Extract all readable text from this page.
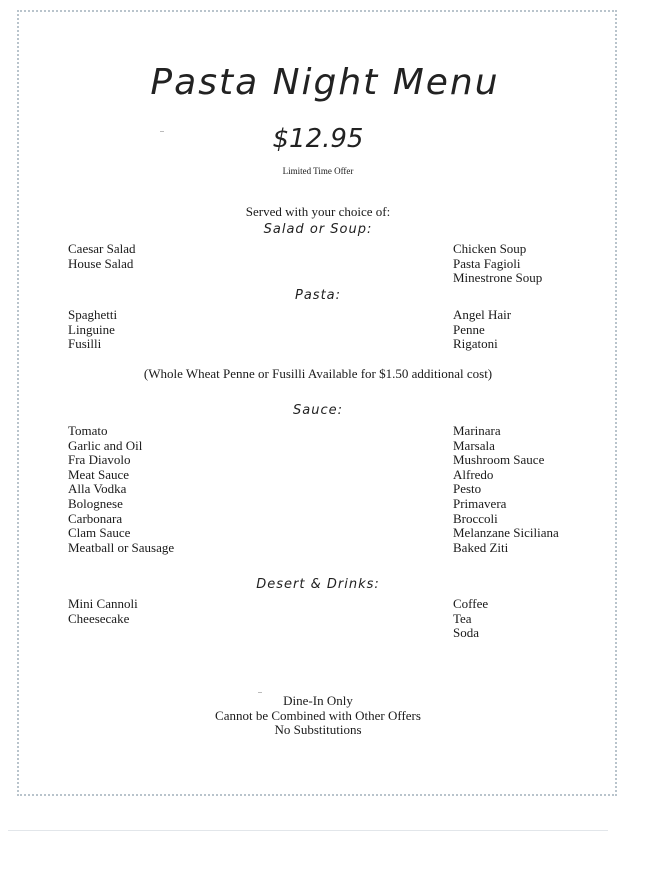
Pasta Night Menu
$12.95
Limited Time Offer
Served with your choice of:
Salad or Soup:
Caesar Salad
House Salad
Chicken Soup
Pasta Fagioli
Minestrone Soup
Pasta:
Spaghetti
Linguine
Fusilli
Angel Hair
Penne
Rigatoni
(Whole Wheat Penne or Fusilli Available for $1.50 additional cost)
Sauce:
Tomato
Garlic and Oil
Fra Diavolo
Meat Sauce
Alla Vodka
Bolognese
Carbonara
Clam Sauce
Meatball or Sausage
Marinara
Marsala
Mushroom Sauce
Alfredo
Pesto
Primavera
Broccoli
Melanzane Siciliana
Baked Ziti
Desert & Drinks:
Mini Cannoli
Cheesecake
Coffee
Tea
Soda
Dine-In Only
Cannot be Combined with Other Offers
No Substitutions
